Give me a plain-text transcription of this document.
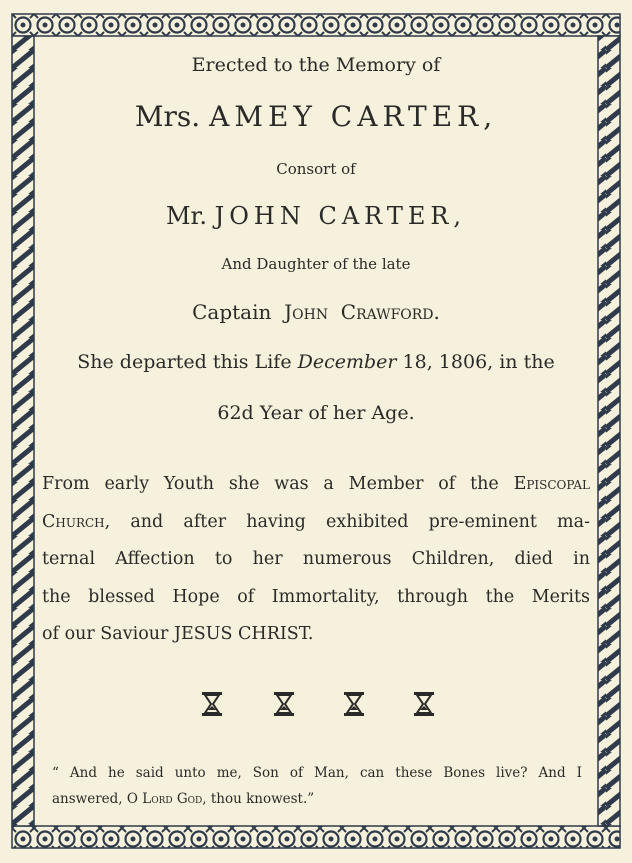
Erected to the Memory of
Mrs. AMEY CARTER,
Consort of
Mr. JOHN CARTER,
And Daughter of the late
Captain John Crawford.
She departed this Life December 18, 1806, in the
62d Year of her Age.
From early Youth she was a Member of the Episcopal
Church, and after having exhibited pre-eminent ma-
ternal Affection to her numerous Children, died in
the blessed Hope of Immortality, through the Merits
of our Saviour JESUS CHRIST.
“ And he said unto me, Son of Man, can these Bones live? And I
answered, O Lord God, thou knowest.”
